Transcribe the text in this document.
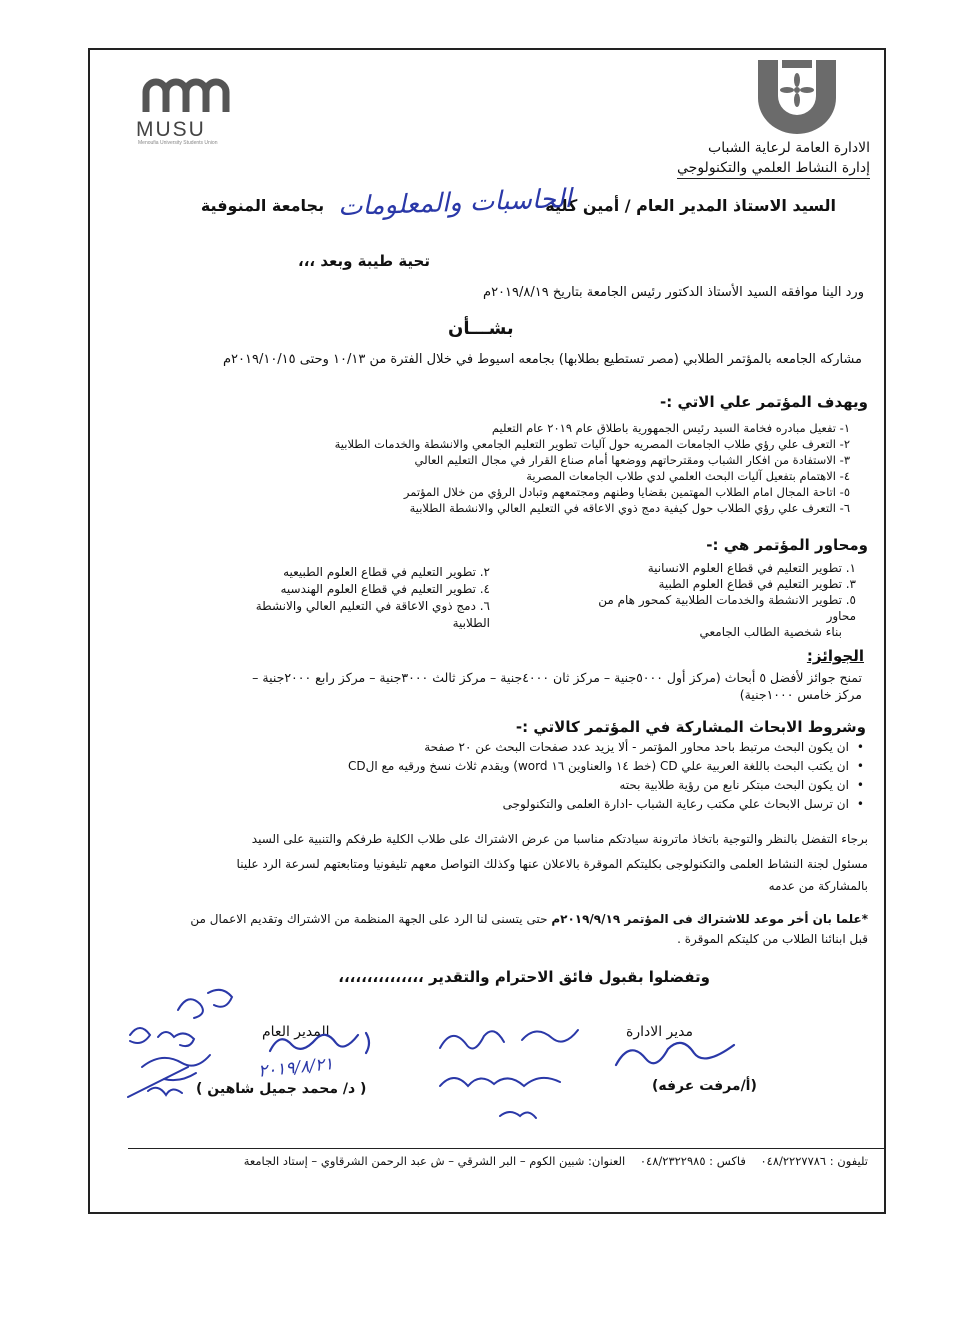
MUSU
Menoufia University Students Union	الادارة العامة لرعاية الشباب
إدارة النشاط العلمي والتكنولوجي
السيد الاستاذ المدير العام / أمين كلية  بجامعة المنوفية الحاسبات والمعلومات
تحية طيبة وبعد ،،،
ورد الينا موافقه السيد الأستاذ الدكتور رئيس الجامعة بتاريخ ٢٠١٩/٨/١٩م
بشـــأن
مشاركه الجامعه بالمؤتمر الطلابي (مصر تستطيع بطلابها) بجامعه اسيوط في خلال الفترة من ١٠/١٣ وحتى ٢٠١٩/١٠/١٥م
ويهدف المؤتمر علي الاتي :-
١- تفعيل مبادره فخامة السيد رئيس الجمهورية باطلاق عام ٢٠١٩ عام التعليم
٢- التعرف علي رؤي طلاب الجامعات المصريه حول آليات تطوير التعليم الجامعي والانشطة والخدمات الطلابية
٣- الاستفادة من افكار الشباب ومقترحاتهم ووضعها أمام صناع القرار في مجال التعليم العالي
٤- الاهتمام بتفعيل آليات البحث العلمي لدي طلاب الجامعات المصرية
٥- اتاحة المجال امام الطلاب المهتمين بقضايا وطنهم ومجتمعهم وتبادل الرؤي من خلال المؤتمر
٦- التعرف علي رؤي الطلاب حول كيفية دمج ذوي الاعاقه في التعليم العالي والانشطة الطلابية
ومحاور المؤتمر هي :-
١. تطوير التعليم في قطاع العلوم الانسانية
٣. تطوير التعليم في قطاع العلوم الطبية
٥. تطوير الانشطة والخدمات الطلابية كمحور هام من محاور
بناء شخصية الطالب الجامعي
٢. تطوير التعليم في قطاع العلوم الطبيعيه
٤. تطوير التعليم في قطاع العلوم الهندسيه
٦. دمج ذوي الاعاقة في التعليم العالي والانشطة الطلابية
الجوائز:
تمنح جوائز لأفضل ٥ أبحاث (مركز أول ٥٠٠٠جنية – مركز ثان ٤٠٠٠جنية – مركز ثالث ٣٠٠٠جنية – مركز رابع ٢٠٠٠جنية –
مركز خامس ١٠٠٠جنية)
وشروط الابحاث المشاركة في المؤتمر كالاتي :-
•ان يكون البحث مرتبط باحد محاور المؤتمر - ألا يزيد عدد صفحات البحث عن ٢٠ صفحة
•ان يكتب البحث باللغة العربية علي CD (خط ١٤ والعناوين ١٦ word) ويقدم ثلاث نسخ ورقيه مع الCD
•ان يكون البحث مبتكر نابع من رؤية طلابية بحته
•ان ترسل الابحاث علي مكتب رعاية الشباب -ادارة العلمى والتكنولوجى
برجاء التفضل بالنظر والتوجية باتخاذ ماترونة سيادتكم مناسبا من عرض الاشتراك على طلاب الكلية طرفكم والتنبية على السيد
مسئول لجنة النشاط العلمى والتكنولوجى بكليتكم الموقرة بالاعلان عنها وكذلك التواصل معهم تليفونيا ومتابعتهم لسرعة الرد علينا
بالمشاركة من عدمه
*علما بان أخر موعد للاشتراك فى المؤتمر ٢٠١٩/٩/١٩م حتى يتسنى لنا الرد على الجهة المنظمة من الاشتراك وتقديم الاعمال من
قبل ابنائنا الطلاب من كليتكم الموقرة .
وتفضلوا بقبول فائق الاحترام والتقدير ،،،،،،،،،،،،،،،
المدير العام
( د/ محمد جميل شاهين )
مدير الادارة
(أ/مرفت عرفه)
٢٠١٩/٨/٢١
تليفون : ٠٤٨/٢٢٢٧٧٨٦    فاكس : ٠٤٨/٢٣٢٢٩٨٥    العنوان: شبين الكوم – البر الشرقي – ش عبد الرحمن الشرقاوي – إستاد الجامعة
